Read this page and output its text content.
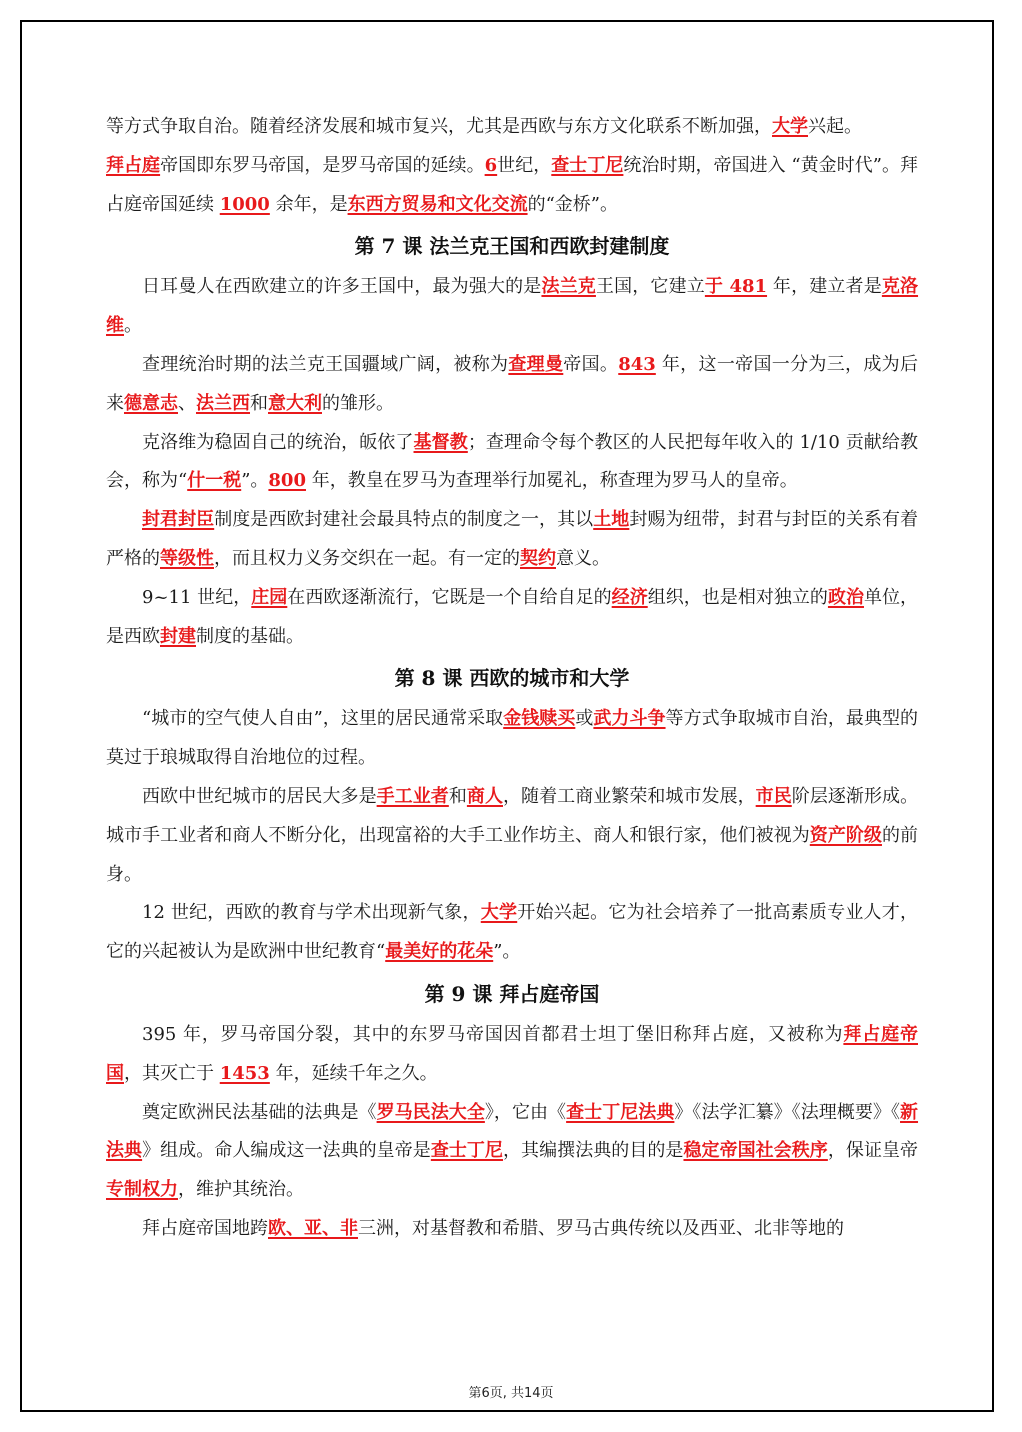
等方式争取自治。随着经济发展和城市复兴，尤其是西欧与东方文化联系不断加强，大学兴起。

拜占庭帝国即东罗马帝国，是罗马帝国的延续。6世纪，查士丁尼统治时期，帝国进入 “黄金时代”。拜占庭帝国延续 1000 余年，是东西方贸易和文化交流的“金桥”。

第 7 课 法兰克王国和西欧封建制度

日耳曼人在西欧建立的许多王国中，最为强大的是法兰克王国，它建立于 481 年，建立者是克洛维。

查理统治时期的法兰克王国疆域广阔，被称为查理曼帝国。843 年，这一帝国一分为三，成为后来德意志、法兰西和意大利的雏形。

克洛维为稳固自己的统治，皈依了基督教；查理命令每个教区的人民把每年收入的 1/10 贡献给教会，称为“什一税”。800 年，教皇在罗马为查理举行加冕礼，称查理为罗马人的皇帝。

封君封臣制度是西欧封建社会最具特点的制度之一，其以土地封赐为纽带，封君与封臣的关系有着严格的等级性，而且权力义务交织在一起。有一定的契约意义。

9~11 世纪，庄园在西欧逐渐流行，它既是一个自给自足的经济组织，也是相对独立的政治单位，是西欧封建制度的基础。

第 8 课 西欧的城市和大学

“城市的空气使人自由”，这里的居民通常采取金钱赎买或武力斗争等方式争取城市自治，最典型的莫过于琅城取得自治地位的过程。

西欧中世纪城市的居民大多是手工业者和商人，随着工商业繁荣和城市发展，市民阶层逐渐形成。城市手工业者和商人不断分化，出现富裕的大手工业作坊主、商人和银行家，他们被视为资产阶级的前身。

12 世纪，西欧的教育与学术出现新气象，大学开始兴起。它为社会培养了一批高素质专业人才，它的兴起被认为是欧洲中世纪教育“最美好的花朵”。

第 9 课 拜占庭帝国

395 年，罗马帝国分裂，其中的东罗马帝国因首都君士坦丁堡旧称拜占庭，又被称为拜占庭帝国，其灭亡于 1453 年，延续千年之久。

奠定欧洲民法基础的法典是《罗马民法大全》，它由《查士丁尼法典》《法学汇纂》《法理概要》《新法典》组成。命人编成这一法典的皇帝是查士丁尼，其编撰法典的目的是稳定帝国社会秩序，保证皇帝专制权力，维护其统治。

拜占庭帝国地跨欧、亚、非三洲，对基督教和希腊、罗马古典传统以及西亚、北非等地的

第6页, 共14页
